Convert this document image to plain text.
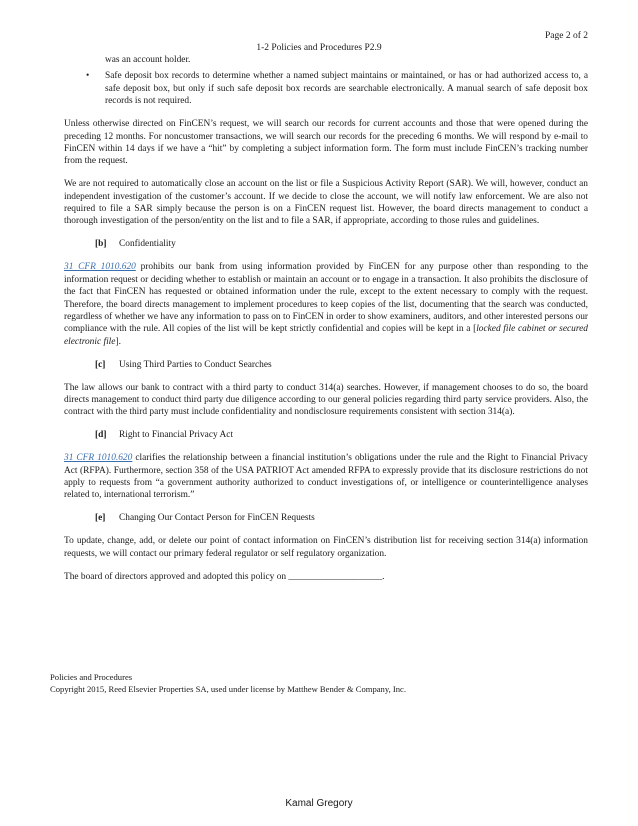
Page 2 of 2
1-2 Policies and Procedures P2.9

was an account holder.

•	Safe deposit box records to determine whether a named subject maintains or maintained, or has or had authorized access to, a safe deposit box, but only if such safe deposit box records are searchable electronically. A manual search of safe deposit box records is not required.

Unless otherwise directed on FinCEN’s request, we will search our records for current accounts and those that were opened during the preceding 12 months. For noncustomer transactions, we will search our records for the preceding 6 months. We will respond by e-mail to FinCEN within 14 days if we have a “hit” by completing a subject information form. The form must include FinCEN’s tracking number from the request.

We are not required to automatically close an account on the list or file a Suspicious Activity Report (SAR). We will, however, conduct an independent investigation of the customer’s account. If we decide to close the account, we will notify law enforcement. We are also not required to file a SAR simply because the person is on a FinCEN request list. However, the board directs management to conduct a thorough investigation of the person/entity on the list and to file a SAR, if appropriate, according to those rules and guidelines.

[b]	Confidentiality

31 CFR 1010.620 prohibits our bank from using information provided by FinCEN for any purpose other than responding to the information request or deciding whether to establish or maintain an account or to engage in a transaction. It also prohibits the disclosure of the fact that FinCEN has requested or obtained information under the rule, except to the extent necessary to comply with the request. Therefore, the board directs management to implement procedures to keep copies of the list, documenting that the search was conducted, regardless of whether we have any information to pass on to FinCEN in order to show examiners, auditors, and other interested persons our compliance with the rule. All copies of the list will be kept strictly confidential and copies will be kept in a [locked file cabinet or secured electronic file].

[c]	Using Third Parties to Conduct Searches

The law allows our bank to contract with a third party to conduct 314(a) searches. However, if management chooses to do so, the board directs management to conduct third party due diligence according to our general policies regarding third party service providers. Also, the contract with the third party must include confidentiality and nondisclosure requirements consistent with section 314(a).

[d]	Right to Financial Privacy Act

31 CFR 1010.620 clarifies the relationship between a financial institution’s obligations under the rule and the Right to Financial Privacy Act (RFPA). Furthermore, section 358 of the USA PATRIOT Act amended RFPA to expressly provide that its disclosure restrictions do not apply to requests from “a government authority authorized to conduct investigations of, or intelligence or counterintelligence analyses related to, international terrorism.”

[e]	Changing Our Contact Person for FinCEN Requests

To update, change, add, or delete our point of contact information on FinCEN’s distribution list for receiving section 314(a) information requests, we will contact our primary federal regulator or self regulatory organization.

The board of directors approved and adopted this policy on ____________________.

Policies and Procedures
Copyright 2015, Reed Elsevier Properties SA, used under license by Matthew Bender & Company, Inc.
Kamal Gregory
